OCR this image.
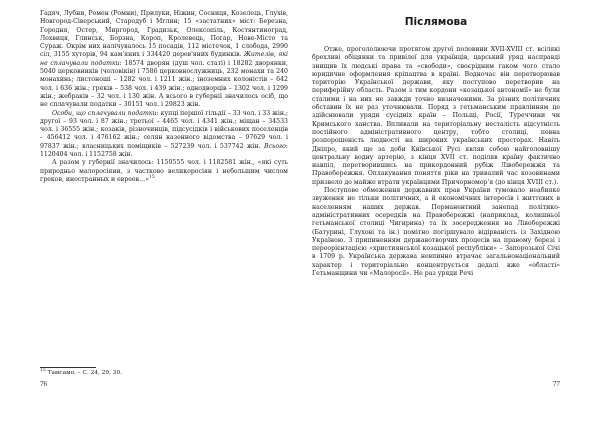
Гадяч, Лубни, Ромен (Ромни), Прилуки, Ніжин, Сосниця, Козелець, Глухів, Новгород-Сіверський, Стародуб і Мглин; 15 «застатних» міст: Березна, Городня, Остер, Миргород, Градизьк, Олексопіль, Костянтиноград, Лохвиця, Глинськ, Борзна, Короп, Кролевець, Погар, Нове-Місто та Сураж. Окрім них налічувалось 15 посадів, 112 містечок, 1 слобода, 2990 сіл, 3155 хуторів, 94 кам'яних і 334420 дерев'яних будинків. Жителів, які не сплачували податки: 18574 дворян (душ чол. статі) і 18282 дворянки, 5040 церковників (чоловіків) і 7586 церковнослужниць, 232 монахи та 240 монахинь; листоноші – 1282 чол. і 1211 жін.; іноземних колоністів – 642 чол. і 636 жін.; греків – 538 чол. і 439 жін.; однодворців – 1302 чол. і 1299 жін.; жебраків – 32 чол. і 130 жін. А всього в губернії значилось осіб, що не сплачували податки – 30151 чол. і 29823 жін.

Особи, що сплачували податки: купці першої гільдії – 33 чол. і 33 жін.; другої – 93 чол. і 87 жін.; третьої – 4465 чол. і 4341 жін.; міщан – 34533 чол. і 36555 жін.; козаків, різночинців, підсусідків і військових поселенців – 456412 чол. і 476162 жін.; селян казенного відомства – 97629 чол. і 97837 жін.; власницьких поміщиків – 527239 чол. і 537742 жін. Всього: 1120404 чол. і 1152758 жін.

А разом у губернії значилось: 1150555 чол. і 1182581 жін., «які суть природньо малоросіяни, з частково великоросіян і небольшим числом греков, иностранных и евреев…»$^{15}$

$^{15}$ Тамсамо. – С. 24, 29, 30.

76
Післямова

Отже, прогололюючи протягом другої половини XVII-XVIII ст. всілякі брехливі обіцянки та привілеї для українців, царський уряд насправді знищив їх людські права та «свободи», своєрідним гаком чого стало юридичне оформлення кріпацтва в країні. Водночас він перетворював територію Української держави, яку поступово перетворив на периферійну область. Разом з тим кордони «козацької автономії» не були сталими і на них не завжди точно визначеними. За різних політичних обставин їх не раз уточнювали. Поряд з гетьманським правлінням це здійснювали уряди сусідніх країн – Польщі, Росії, Туреччини чи Кримського ханства. Впливали на територіальну несталість відсутність постійного адміністративного центру, тобто столиці, певна розпорошеність людності на широких українських просторах. Навіть Дніпро, який ще за доби Київської Русі являв собою найголовнішу центральну водну артерію, з кінця XVII ст. поділяв країну фактично навпіл, перетворившись на прикордонний рубіж Лівобережжя та Правобережжя. Оплакування поняття ріки на тривалий час козовинами призвело до майже втрати українцями Причорномор'я (до кінця XVIII ст.).

Поступове обмеження державних прав України тумовало неабияке звуження не тільки політичних, а й економічних інтересів і життєвих в населенням наших держав. Перманентний занепад політико-адміністративних осередків на Правобережжі (наприклад, колишньої гетьманської столиці Чигирина) та їх зосередження на Лівобережжі (Батурині, Глухові та ін.) помітно погіршувало відірваність із Західною Україною. З припиненням державотворчих процесів на правому березі і переорієнтацією «християнської козацької республіки» – Запорозької Січі в 1709 р. Українська держава невпинно втрачає загальнонаціональний характер і територіально концентрується дедалі вже «області» Гетьманщини чи «Малоросії». Не раз уряди Речі

77
